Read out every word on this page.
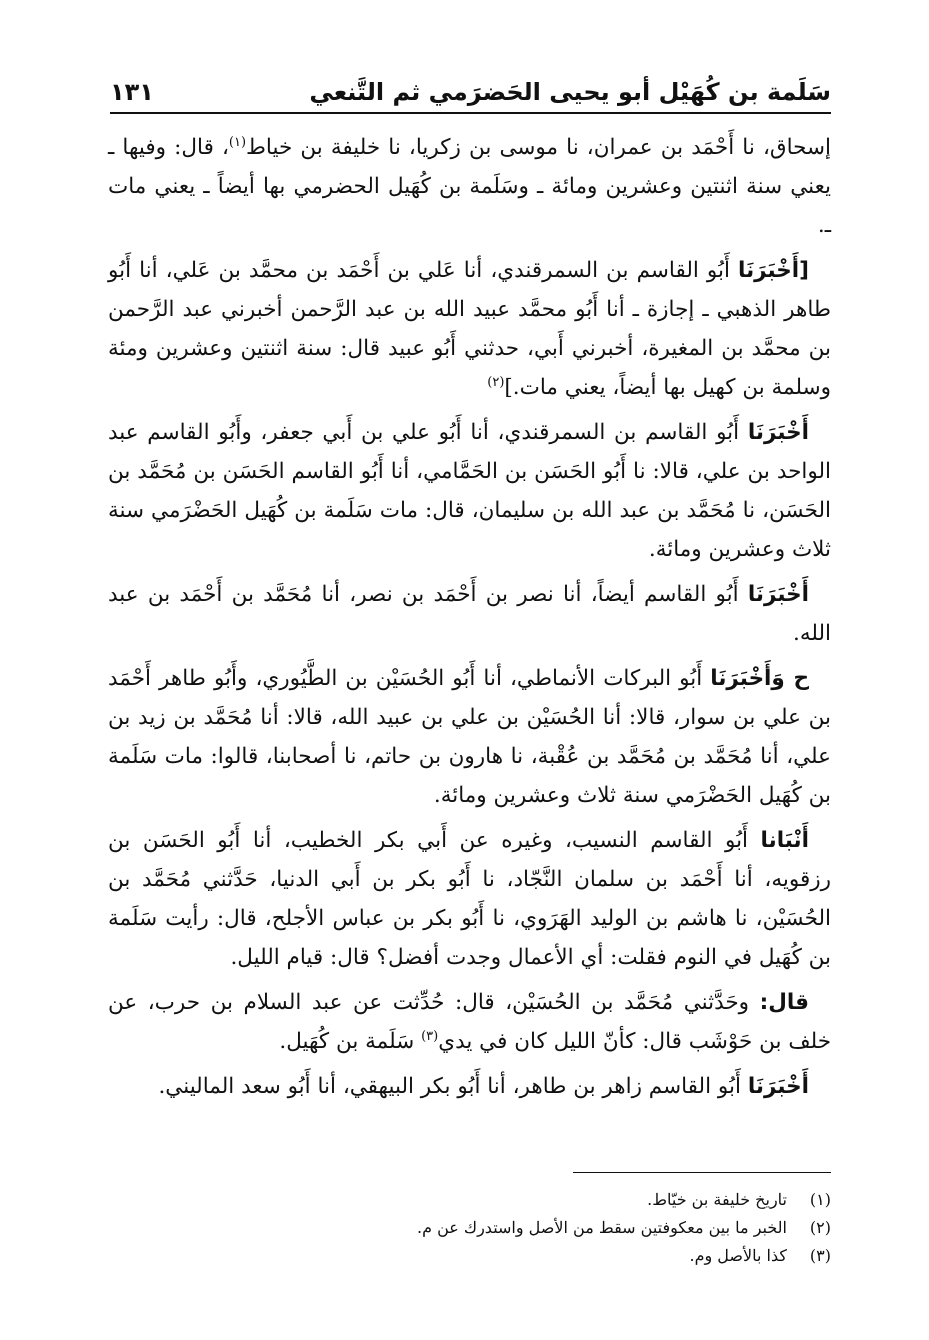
سَلَمة بن كُهَيْل أبو يحيى الحَضرَمي ثم التَّنعي
١٣١

إسحاق، نا أَحْمَد بن عمران، نا موسى بن زكريا، نا خليفة بن خياط$^{(١)}$، قال: وفيها ـ يعني سنة اثنتين وعشرين ومائة ـ وسَلَمة بن كُهَيل الحضرمي بها أيضاً ـ يعني مات ـ.

[أَخْبَرَنَا أَبُو القاسم بن السمرقندي، أنا عَلي بن أَحْمَد بن محمَّد بن عَلي، أنا أَبُو طاهر الذهبي ـ إجازة ـ أنا أَبُو محمَّد عبيد الله بن عبد الرَّحمن أخبرني عبد الرَّحمن بن محمَّد بن المغيرة، أخبرني أَبي، حدثني أَبُو عبيد قال: سنة اثنتين وعشرين ومئة وسلمة بن كهيل بها أيضاً، يعني مات.]$^{(٢)}$

أَخْبَرَنَا أَبُو القاسم بن السمرقندي، أنا أَبُو علي بن أَبي جعفر، وأَبُو القاسم عبد الواحد بن علي، قالا: نا أَبُو الحَسَن بن الحَمَّامي، أنا أَبُو القاسم الحَسَن بن مُحَمَّد بن الحَسَن، نا مُحَمَّد بن عبد الله بن سليمان، قال: مات سَلَمة بن كُهَيل الحَضْرَمي سنة ثلاث وعشرين ومائة.

أَخْبَرَنَا أَبُو القاسم أيضاً، أنا نصر بن أَحْمَد بن نصر، أنا مُحَمَّد بن أَحْمَد بن عبد الله.

ح وَأَخْبَرَنَا أَبُو البركات الأنماطي، أنا أَبُو الحُسَيْن بن الطَّيُوري، وأَبُو طاهر أَحْمَد بن علي بن سوار، قالا: أنا الحُسَيْن بن علي بن عبيد الله، قالا: أنا مُحَمَّد بن زيد بن علي، أنا مُحَمَّد بن مُحَمَّد بن عُقْبة، نا هارون بن حاتم، نا أصحابنا، قالوا: مات سَلَمة بن كُهَيل الحَضْرَمي سنة ثلاث وعشرين ومائة.

أَنْبَانا أَبُو القاسم النسيب، وغيره عن أَبي بكر الخطيب، أنا أَبُو الحَسَن بن رزقويه، أنا أَحْمَد بن سلمان النَّجّاد، نا أَبُو بكر بن أَبي الدنيا، حَدَّثني مُحَمَّد بن الحُسَيْن، نا هاشم بن الوليد الهَرَوي، نا أَبُو بكر بن عباس الأجلح، قال: رأيت سَلَمة بن كُهَيل في النوم فقلت: أي الأعمال وجدت أفضل؟ قال: قيام الليل.

قال: وحَدَّثني مُحَمَّد بن الحُسَيْن، قال: حُدِّثت عن عبد السلام بن حرب، عن خلف بن حَوْشَب قال: كأنّ الليل كان في يدي$^{(٣)}$ سَلَمة بن كُهَيل.

أَخْبَرَنَا أَبُو القاسم زاهر بن طاهر، أنا أَبُو بكر البيهقي، أنا أَبُو سعد الماليني.

(١)
تاريخ خليفة بن خيّاط.
(٢)
الخبر ما بين معكوفتين سقط من الأصل واستدرك عن م.
(٣)
كذا بالأصل وم.
